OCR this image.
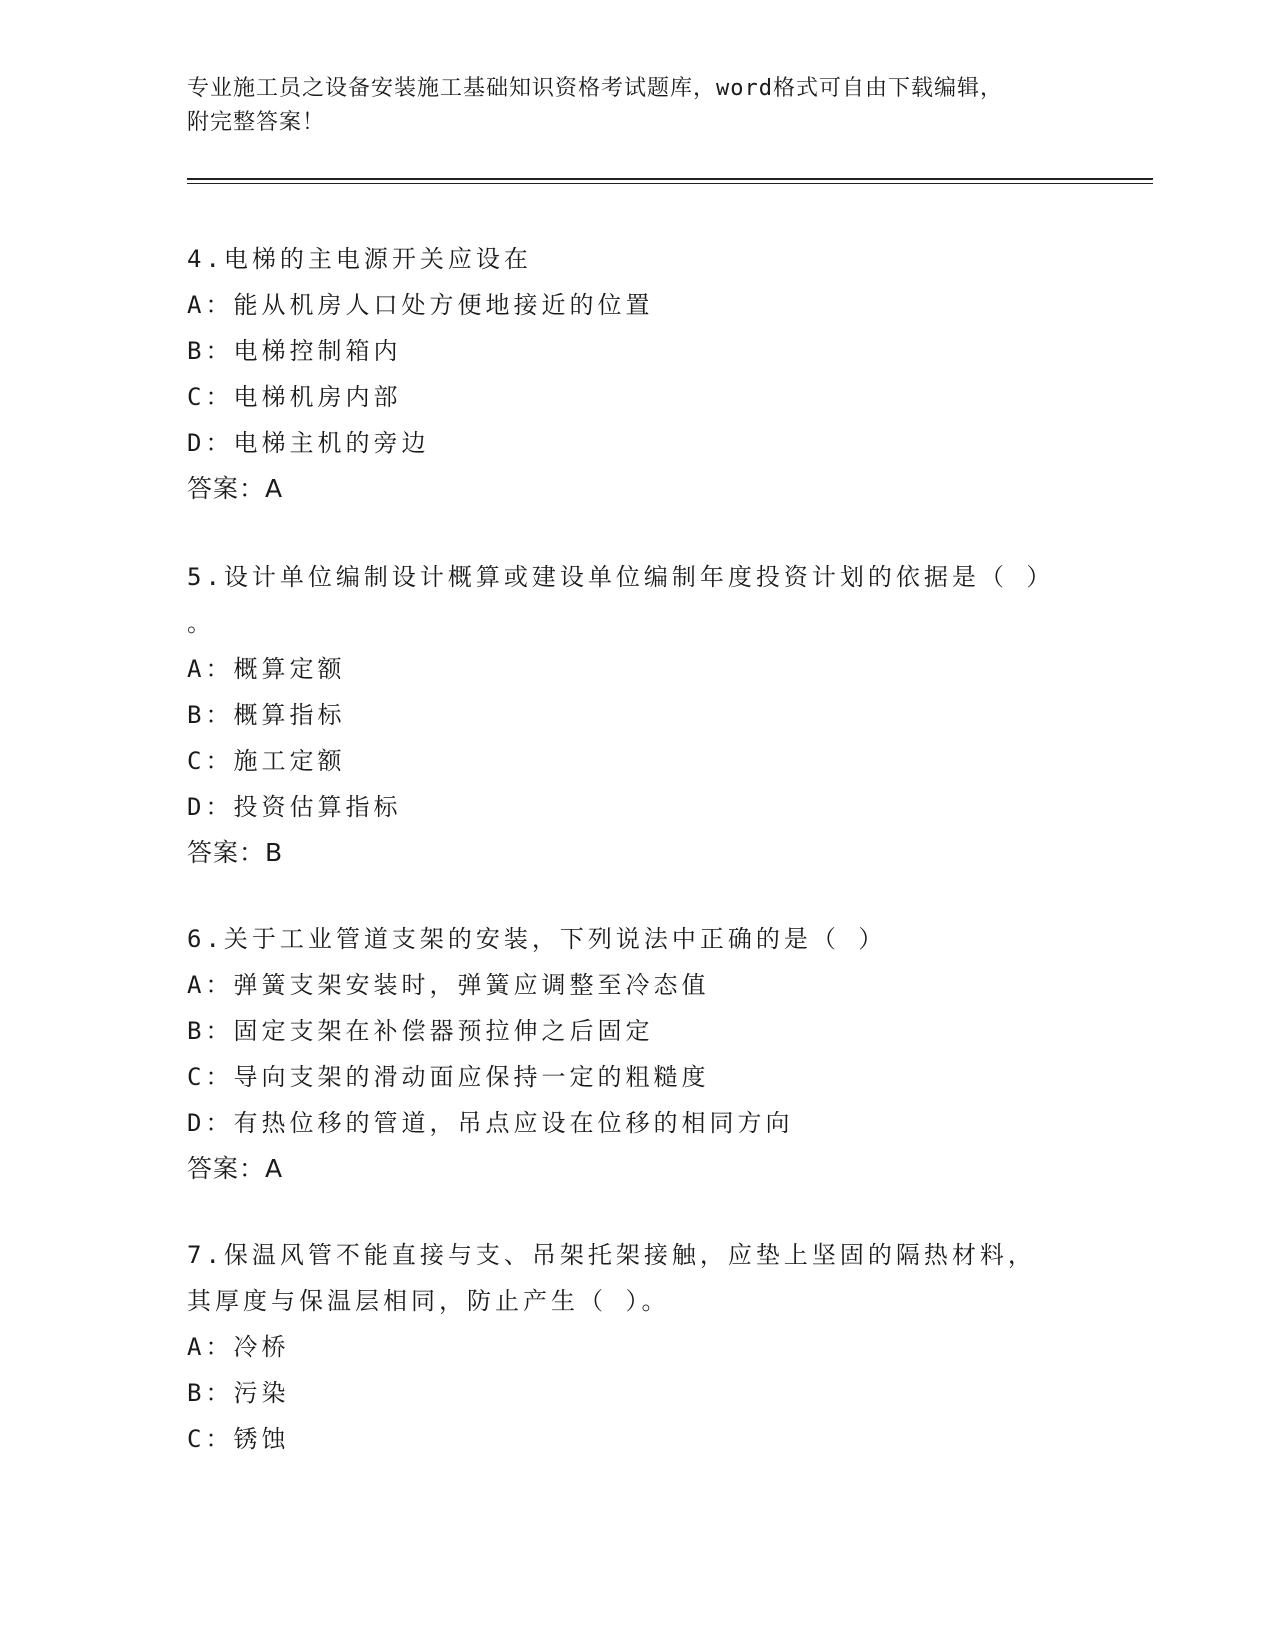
专业施工员之设备安装施工基础知识资格考试题库，word格式可自由下载编辑，
附完整答案！
4.电梯的主电源开关应设在
A：能从机房人口处方便地接近的位置
B：电梯控制箱内
C：电梯机房内部
D：电梯主机的旁边
答案：A
5.设计单位编制设计概算或建设单位编制年度投资计划的依据是（ ）
。
A：概算定额
B：概算指标
C：施工定额
D：投资估算指标
答案：B
6.关于工业管道支架的安装，下列说法中正确的是（ ）
A：弹簧支架安装时，弹簧应调整至冷态值
B：固定支架在补偿器预拉伸之后固定
C：导向支架的滑动面应保持一定的粗糙度
D：有热位移的管道，吊点应设在位移的相同方向
答案：A
7.保温风管不能直接与支、吊架托架接触，应垫上坚固的隔热材料，
其厚度与保温层相同，防止产生（ ）。
A：冷桥
B：污染
C：锈蚀
